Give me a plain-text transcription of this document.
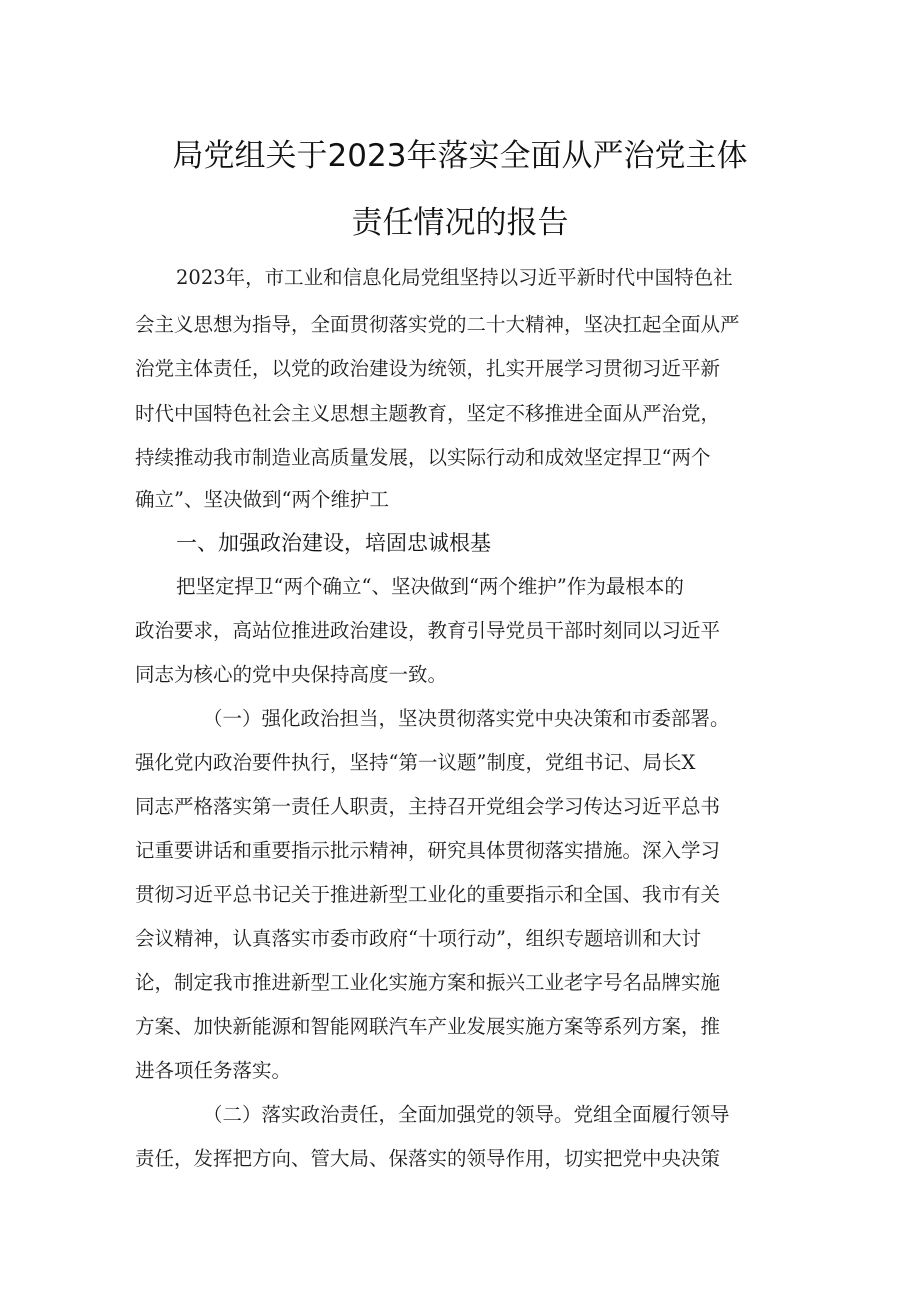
局党组关于2023年落实全面从严治党主体
责任情况的报告
2023年，市工业和信息化局党组坚持以习近平新时代中国特色社
会主义思想为指导，全面贯彻落实党的二十大精神，坚决扛起全面从严
治党主体责任，以党的政治建设为统领，扎实开展学习贯彻习近平新
时代中国特色社会主义思想主题教育，坚定不移推进全面从严治党，
持续推动我市制造业高质量发展，以实际行动和成效坚定捍卫“两个
确立”、坚决做到“两个维护工
一、加强政治建设，培固忠诚根基
把坚定捍卫“两个确立“、坚决做到“两个维护”作为最根本的
政治要求，高站位推进政治建设，教育引导党员干部时刻同以习近平
同志为核心的党中央保持高度一致。
（一）强化政治担当，坚决贯彻落实党中央决策和市委部署。
强化党内政治要件执行，坚持“第一议题”制度，党组书记、局长X
同志严格落实第一责任人职责，主持召开党组会学习传达习近平总书
记重要讲话和重要指示批示精神，研究具体贯彻落实措施。深入学习
贯彻习近平总书记关于推进新型工业化的重要指示和全国、我市有关
会议精神，认真落实市委市政府“十项行动”，组织专题培训和大讨
论，制定我市推进新型工业化实施方案和振兴工业老字号名品牌实施
方案、加快新能源和智能网联汽车产业发展实施方案等系列方案，推
进各项任务落实。
（二）落实政治责任，全面加强党的领导。党组全面履行领导
责任，发挥把方向、管大局、保落实的领导作用，切实把党中央决策
